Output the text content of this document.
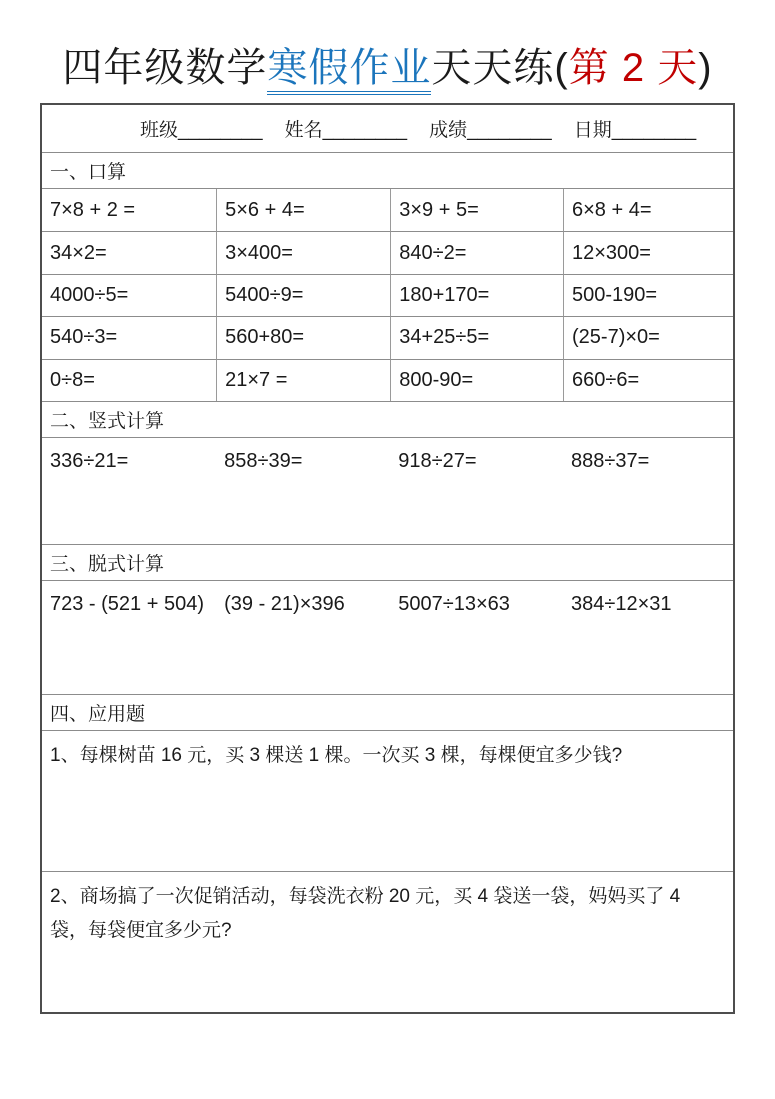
四年级数学寒假作业天天练(第 2 天)
班级 ________ 姓名 ________ 成绩 ________ 日期 ________
一、口算
7×8 + 2 =	5×6 + 4=	3×9 + 5=	6×8 + 4=
34×2=	3×400=	840÷2=	12×300=
4000÷5=	5400÷9=	180+170=	500-190=
540÷3=	560+80=	34+25÷5=	(25-7)×0=
0÷8=	21×7 =	800-90=	660÷6=
二、竖式计算
336÷21=	858÷39=	918÷27=	888÷37=
三、脱式计算
723 - (521 + 504)	(39 - 21)×396	5007÷13×63	384÷12×31
四、应用题
1、每棵树苗 16 元，买 3 棵送 1 棵。一次买 3 棵，每棵便宜多少钱?
2、商场搞了一次促销活动，每袋洗衣粉 20 元，买 4 袋送一袋，妈妈买了 4 袋，每袋便宜多少元?
